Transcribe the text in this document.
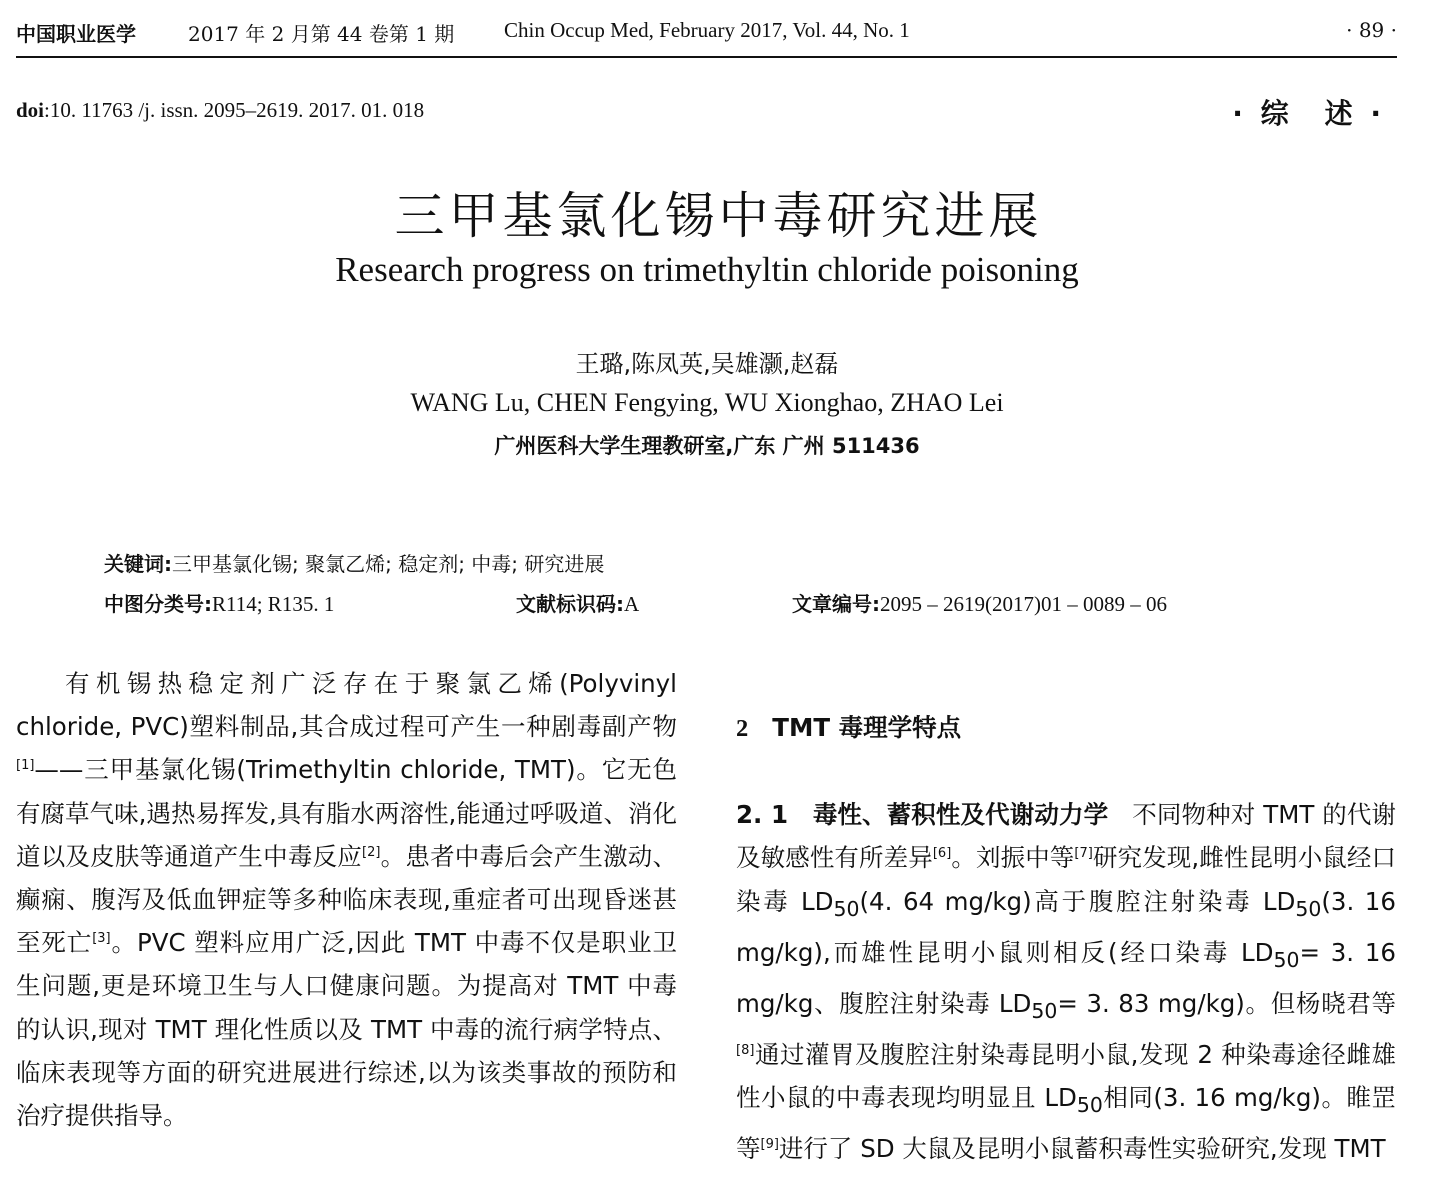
中国职业医学	2017 年 2 月第 44 卷第 1 期 Chin Occup Med, February 2017, Vol. 44, No. 1	· 89 ·
doi:10. 11763 /j. issn. 2095–2619. 2017. 01. 018	· 综　述 ·
三甲基氯化锡中毒研究进展
Research progress on trimethyltin chloride poisoning
王璐,陈凤英,吴雄灏,赵磊
WANG Lu, CHEN Fengying, WU Xionghao, ZHAO Lei
广州医科大学生理教研室,广东 广州 511436
关键词:三甲基氯化锡; 聚氯乙烯; 稳定剂; 中毒; 研究进展
中图分类号:R114; R135. 1	文献标识码:A	文章编号:2095 – 2619(2017)01 – 0089 – 06

有机锡热稳定剂广泛存在于聚氯乙烯(Polyvinyl chloride, PVC)塑料制品,其合成过程可产生一种剧毒副产物[1]——三甲基氯化锡(Trimethyltin chloride, TMT)。它无色有腐草气味,遇热易挥发,具有脂水两溶性,能通过呼吸道、消化道以及皮肤等通道产生中毒反应[2]。患者中毒后会产生激动、癫痫、腹泻及低血钾症等多种临床表现,重症者可出现昏迷甚至死亡[3]。PVC 塑料应用广泛,因此 TMT 中毒不仅是职业卫生问题,更是环境卫生与人口健康问题。为提高对 TMT 中毒的认识,现对 TMT 理化性质以及 TMT 中毒的流行病学特点、临床表现等方面的研究进展进行综述,以为该类事故的预防和治疗提供指导。

2 TMT 毒理学特点

2. 1　 毒性、蓄积性及代谢动力学 不同物种对 TMT 的代谢及敏感性有所差异[6]。刘振中等[7]研究发现,雌性昆明小鼠经口染毒 $LD_{50}(4$. 64 mg/kg)高于腹腔注射染毒 $LD_{50}(3$. 16 mg/kg),而雄性昆明小鼠则相反(经口染毒 $LD_{50}= 3$. 16 mg/kg、腹腔注射染毒 $LD_{50}= 3$. 83 mg/kg)。但杨晓君等[8]通过灌胃及腹腔注射染毒昆明小鼠,发现 2 种染毒途径雌雄性小鼠的中毒表现均明显且 $LD_{50}$相同(3. 16 mg/kg)。睢罡等[9]进行了 SD 大鼠及昆明小鼠蓄积毒性实验研究,发现 TMT
